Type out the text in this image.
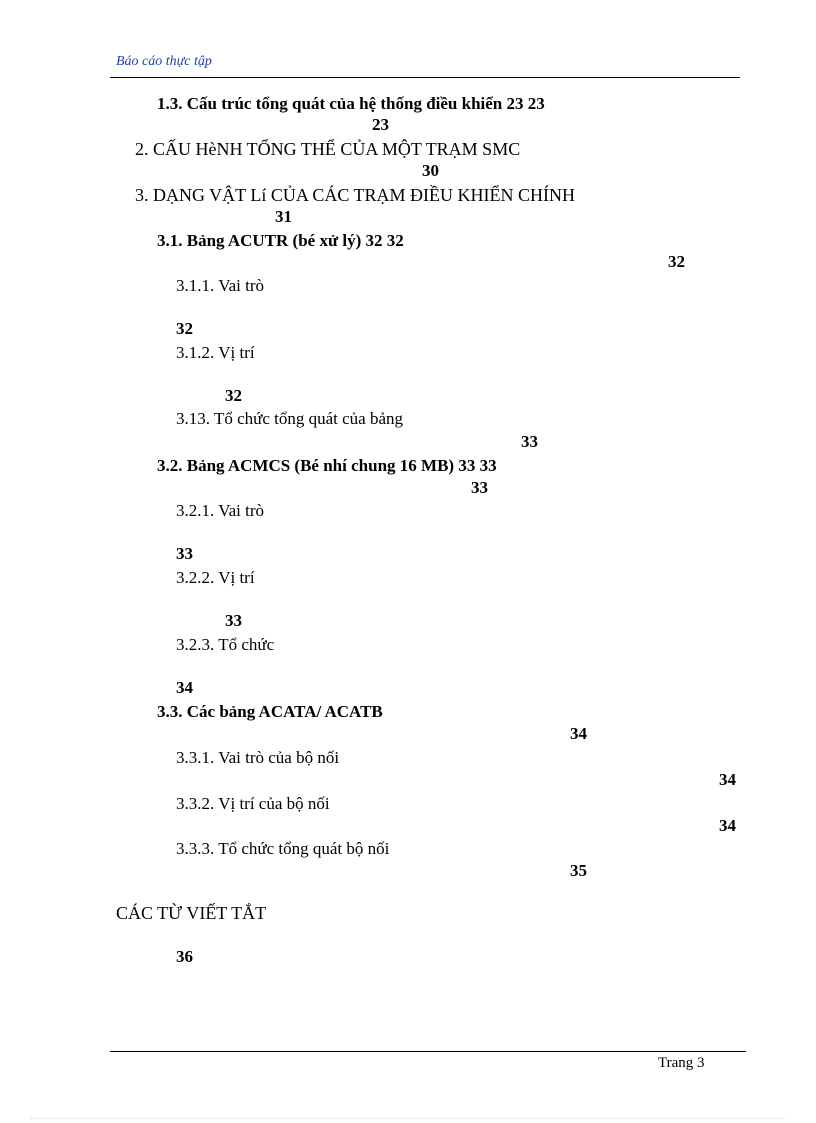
Báo cáo thực tập
1.3. Cấu trúc tổng quát của hệ thống điều khiển 23 23
23
2. CẤU HèNH TỔNG THỂ CỦA MỘT TRẠM SMC
30
3. DẠNG VẬT Lí CỦA CÁC TRẠM ĐIỀU KHIỂN CHÍNH
31
3.1. Bảng ACUTR (bé xử lý) 32 32
32
3.1.1. Vai trò
32
3.1.2. Vị trí
32
3.13. Tổ chức tổng quát của bảng
33
3.2. Bảng ACMCS (Bé nhí chung 16 MB) 33 33
33
3.2.1. Vai trò
33
3.2.2. Vị trí
33
3.2.3. Tổ chức
34
3.3. Các bảng ACATA/ ACATB
34
3.3.1. Vai trò của bộ nối
34
3.3.2. Vị trí của bộ nối
34
3.3.3. Tổ chức tổng quát bộ nối
35
CÁC TỪ VIẾT TẮT
36
Trang 3
